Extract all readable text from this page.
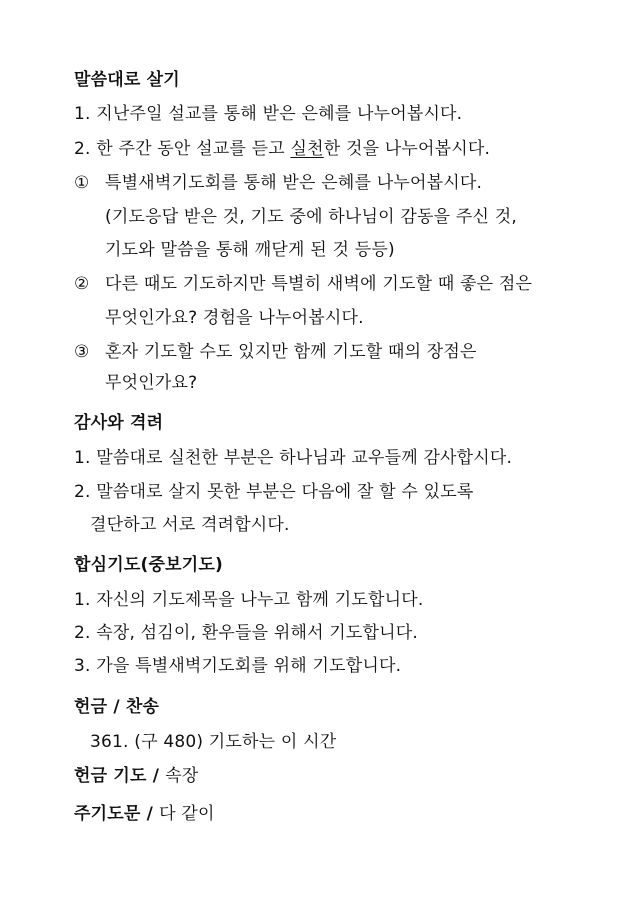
말씀대로 살기
1. 지난주일 설교를 통해 받은 은혜를 나누어봅시다.
2. 한 주간 동안 설교를 듣고 실천한 것을 나누어봅시다.
① 특별새벽기도회를 통해 받은 은혜를 나누어봅시다.
(기도응답 받은 것, 기도 중에 하나님이 감동을 주신 것,
기도와 말씀을 통해 깨닫게 된 것 등등)
② 다른 때도 기도하지만 특별히 새벽에 기도할 때 좋은 점은
무엇인가요? 경험을 나누어봅시다.
③ 혼자 기도할 수도 있지만 함께 기도할 때의 장점은
무엇인가요?
감사와 격려
1. 말씀대로 실천한 부분은 하나님과 교우들께 감사합시다.
2. 말씀대로 살지 못한 부분은 다음에 잘 할 수 있도록
결단하고 서로 격려합시다.
합심기도(중보기도)
1. 자신의 기도제목을 나누고 함께 기도합니다.
2. 속장, 섬김이, 환우들을 위해서 기도합니다.
3. 가을 특별새벽기도회를 위해 기도합니다.
헌금 / 찬송
361. (구 480) 기도하는 이 시간
헌금 기도 / 속장
주기도문 / 다 같이
